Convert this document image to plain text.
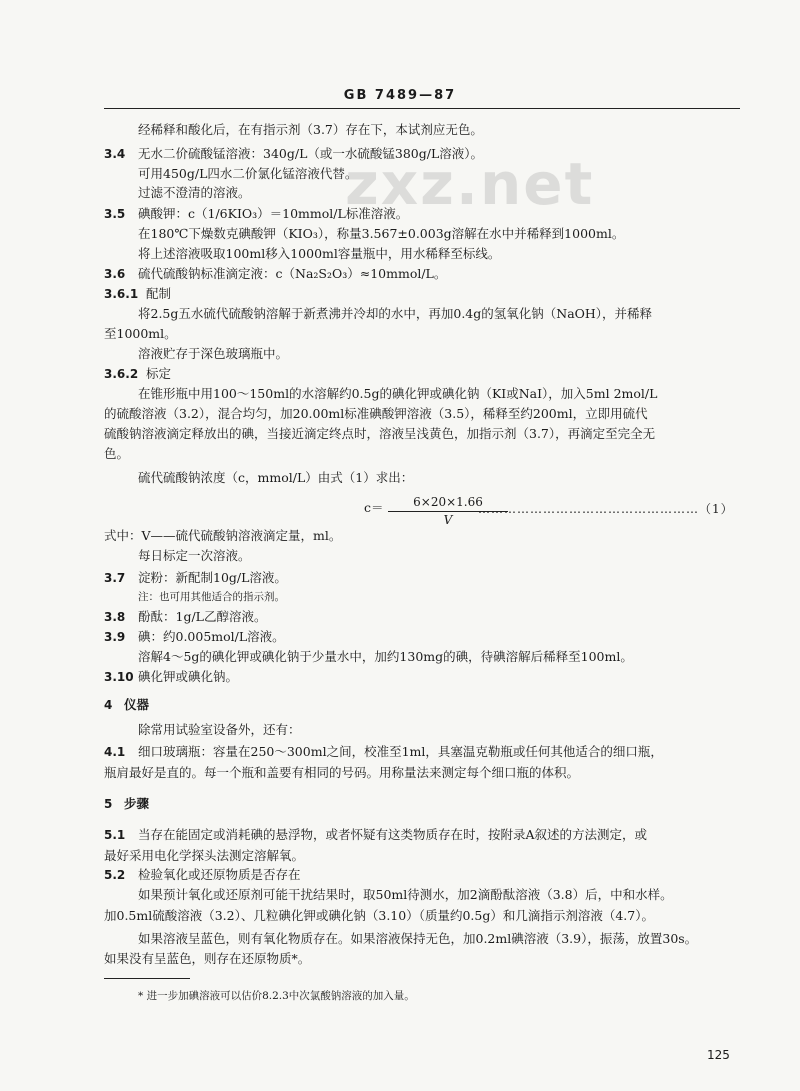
GB 7489—87
zxz.net
经稀释和酸化后，在有指示剂（3.7）存在下，本试剂应无色。
3.4 无水二价硫酸锰溶液：340g/L（或一水硫酸锰380g/L溶液）。
可用450g/L四水二价氯化锰溶液代替。
过滤不澄清的溶液。
3.5 碘酸钾：c（1/6KIO₃）＝10mmol/L标准溶液。
在180℃下燥数克碘酸钾（KIO₃），称量3.567±0.003g溶解在水中并稀释到1000ml。
将上述溶液吸取100ml移入1000ml容量瓶中，用水稀释至标线。
3.6 硫代硫酸钠标准滴定液：c（Na₂S₂O₃）≈10mmol/L。
3.6.1 配制
将2.5g五水硫代硫酸钠溶解于新煮沸并冷却的水中，再加0.4g的氢氧化钠（NaOH），并稀释
至1000ml。
溶液贮存于深色玻璃瓶中。
3.6.2 标定
在锥形瓶中用100～150ml的水溶解约0.5g的碘化钾或碘化钠（KI或NaI），加入5ml 2mol/L
的硫酸溶液（3.2），混合均匀，加20.00ml标准碘酸钾溶液（3.5），稀释至约200ml，立即用硫代
硫酸钠溶液滴定释放出的碘，当接近滴定终点时，溶液呈浅黄色，加指示剂（3.7），再滴定至完全无
色。
硫代硫酸钠浓度（c，mmol/L）由式（1）求出：
$c= \frac{6\times 20\times 1.66}{V}$
……………………………………………（1）
式中：V——硫代硫酸钠溶液滴定量，ml。
每日标定一次溶液。
3.7 淀粉：新配制10g/L溶液。
注：也可用其他适合的指示剂。
3.8 酚酞：1g/L乙醇溶液。
3.9 碘：约0.005mol/L溶液。
溶解4～5g的碘化钾或碘化钠于少量水中，加约130mg的碘，待碘溶解后稀释至100ml。
3.10 碘化钾或碘化钠。
4 仪器
除常用试验室设备外，还有：
4.1 细口玻璃瓶：容量在250～300ml之间，校准至1ml，具塞温克勒瓶或任何其他适合的细口瓶，
瓶肩最好是直的。每一个瓶和盖要有相同的号码。用称量法来测定每个细口瓶的体积。
5 步骤
5.1 当存在能固定或消耗碘的悬浮物，或者怀疑有这类物质存在时，按附录A叙述的方法测定，或
最好采用电化学探头法测定溶解氧。
5.2 检验氧化或还原物质是否存在
如果预计氧化或还原剂可能干扰结果时，取50ml待测水，加2滴酚酞溶液（3.8）后，中和水样。
加0.5ml硫酸溶液（3.2）、几粒碘化钾或碘化钠（3.10）（质量约0.5g）和几滴指示剂溶液（4.7）。
如果溶液呈蓝色，则有氧化物质存在。如果溶液保持无色，加0.2ml碘溶液（3.9），振荡，放置30s。
如果没有呈蓝色，则存在还原物质*。
* 进一步加碘溶液可以估价8.2.3中次氯酸钠溶液的加入量。
125
